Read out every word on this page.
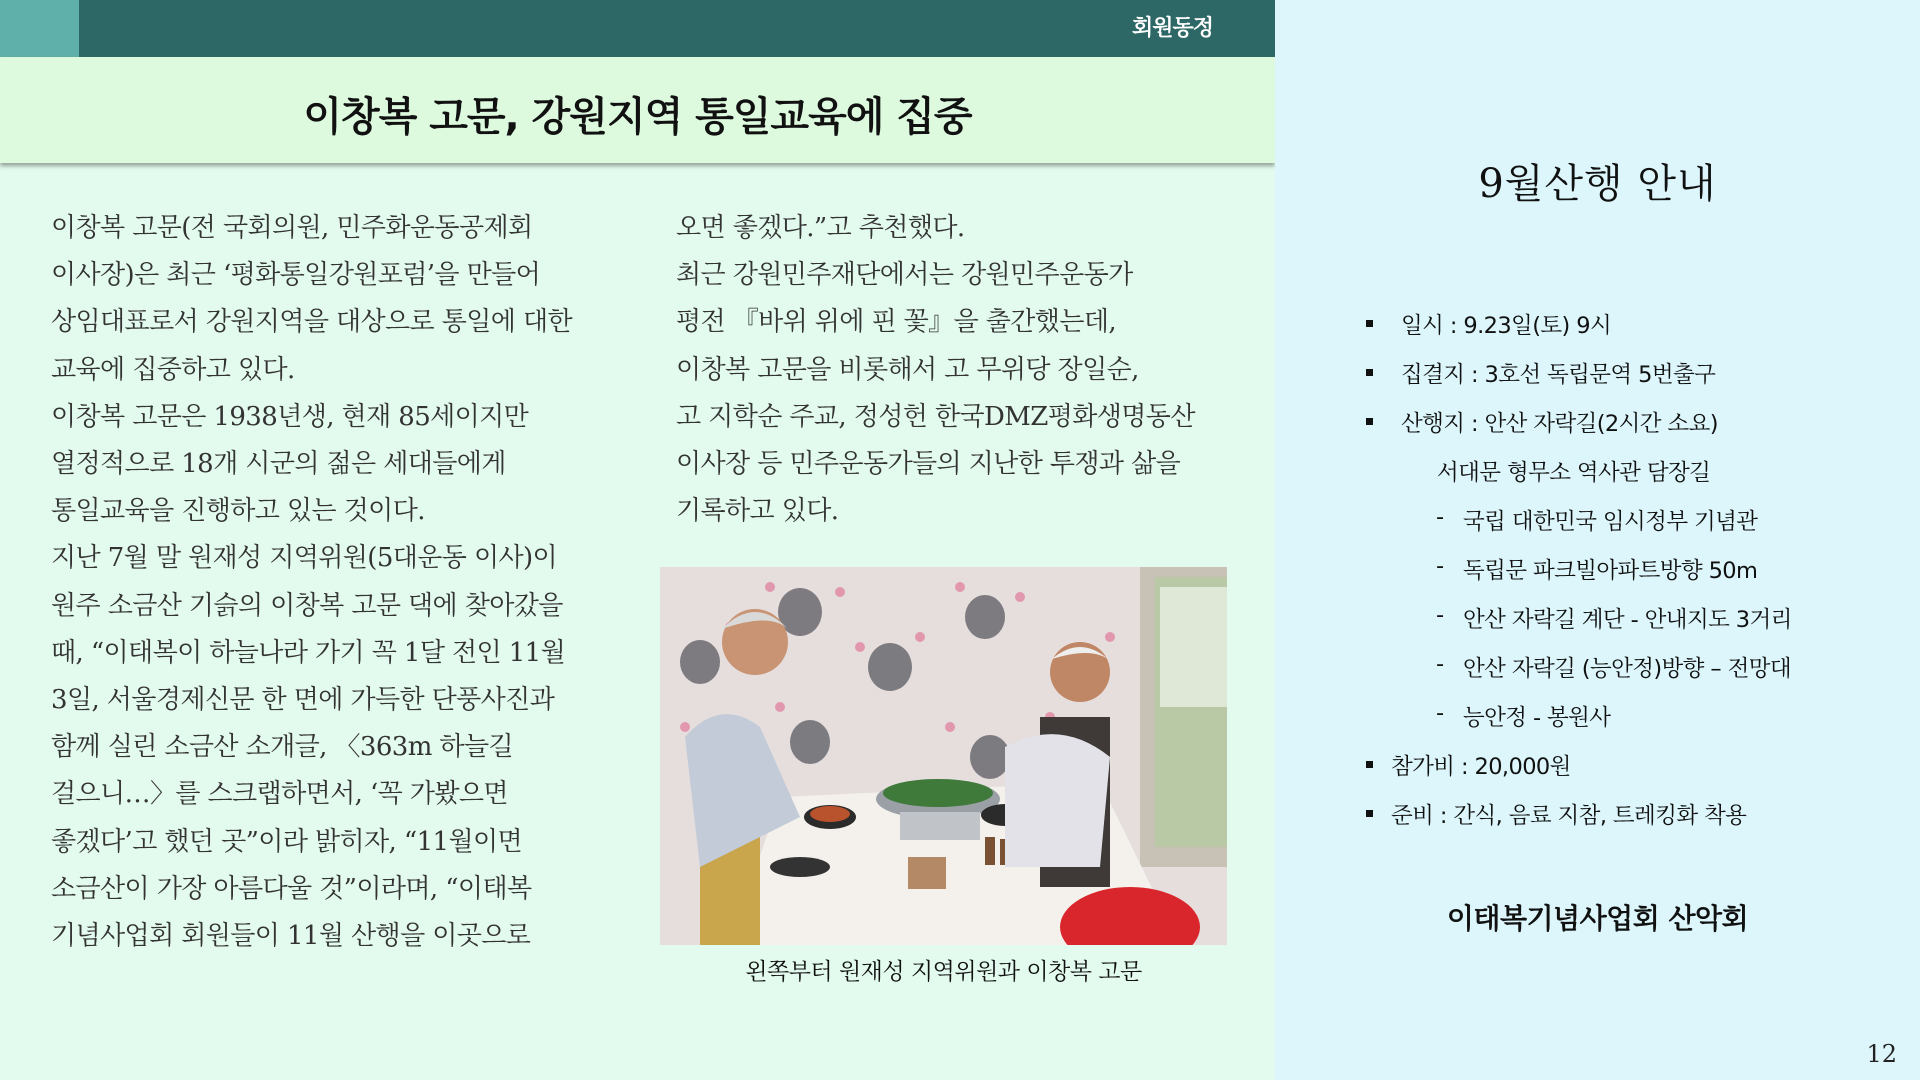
회원동정
이창복 고문, 강원지역 통일교육에 집중

이창복 고문(전 국회의원, 민주화운동공제회

이사장)은 최근 ‘평화통일강원포럼’을 만들어

상임대표로서 강원지역을 대상으로 통일에 대한

교육에 집중하고 있다.

이창복 고문은 1938년생, 현재 85세이지만

열정적으로 18개 시군의 젊은 세대들에게

통일교육을 진행하고 있는 것이다.

지난 7월 말 원재성 지역위원(5대운동 이사)이

원주 소금산 기슭의 이창복 고문 댁에 찾아갔을

때, “이태복이 하늘나라 가기 꼭 1달 전인 11월

3일, 서울경제신문 한 면에 가득한 단풍사진과

함께 실린 소금산 소개글, 〈363m 하늘길

걸으니…〉를 스크랩하면서, ‘꼭 가봤으면

좋겠다’고 했던 곳”이라 밝히자, “11월이면

소금산이 가장 아름다울 것”이라며, “이태복

기념사업회 회원들이 11월 산행을 이곳으로

오면 좋겠다.”고 추천했다.

최근 강원민주재단에서는 강원민주운동가

평전 『바위 위에 핀 꽃』을 출간했는데,

이창복 고문을 비롯해서 고 무위당 장일순,

고 지학순 주교, 정성헌 한국DMZ평화생명동산

이사장 등 민주운동가들의 지난한 투쟁과 삶을

기록하고 있다.

왼쪽부터 원재성 지역위원과 이창복 고문
9월산행 안내
일시 : 9.23일(토) 9시
집결지 : 3호선 독립문역 5번출구
산행지 : 안산 자락길(2시간 소요)
서대문 형무소 역사관 담장길
- 국립 대한민국 임시정부 기념관
- 독립문 파크빌아파트방향 50m
- 안산 자락길 계단 - 안내지도 3거리
- 안산 자락길 (능안정)방향 – 전망대
- 능안정 - 봉원사
참가비 : 20,000원
준비 : 간식, 음료 지참, 트레킹화 착용
이태복기념사업회 산악회
12
